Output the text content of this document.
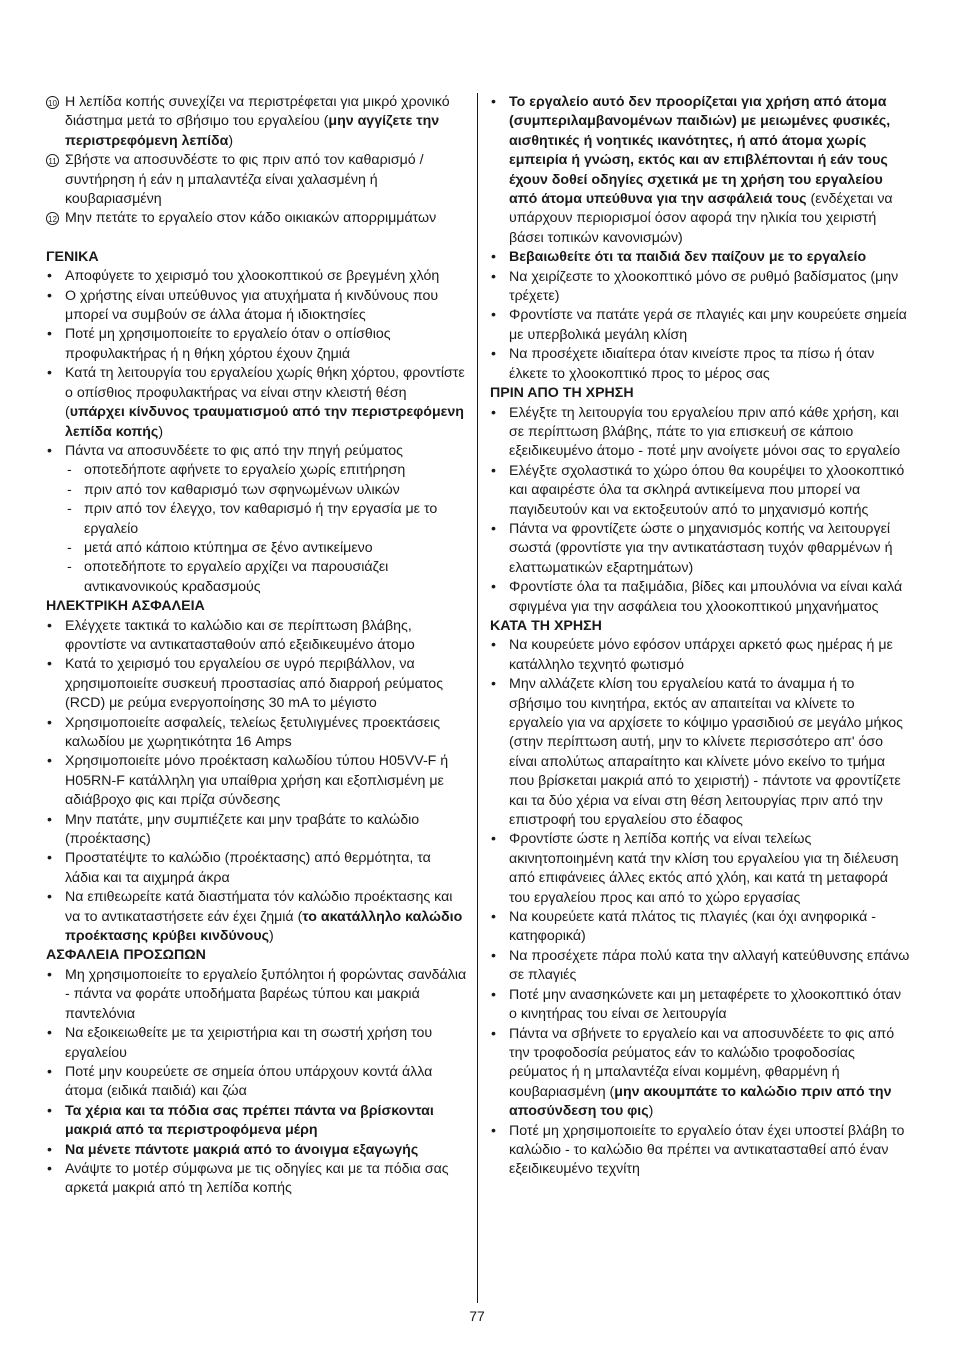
10 Η λεπίδα κοπής συνεχίζει να περιστρέφεται για μικρό χρονικό διάστημα μετά το σβήσιμο του εργαλείου (μην αγγίζετε την περιστρεφόμενη λεπίδα)
11 Σβήστε να αποσυνδέστε το φις πριν από τον καθαρισμό / συντήρηση ή εάν η μπαλαντέζα είναι χαλασμένη ή κουβαριασμένη
12 Μην πετάτε το εργαλείο στον κάδο οικιακών απορριμμάτων
ΓΕΝΙΚΑ
• Αποφύγετε το χειρισμό του χλοοκοπτικού σε βρεγμένη χλόη
• Ο χρήστης είναι υπεύθυνος για ατυχήματα ή κινδύνους που μπορεί να συμβούν σε άλλα άτομα ή ιδιοκτησίες
• Ποτέ μη χρησιμοποιείτε το εργαλείο όταν ο οπίσθιος προφυλακτήρας ή η θήκη χόρτου έχουν ζημιά
• Κατά τη λειτουργία του εργαλείου χωρίς θήκη χόρτου, φροντίστε ο οπίσθιος προφυλακτήρας να είναι στην κλειστή θέση (υπάρχει κίνδυνος τραυματισμού από την περιστρεφόμενη λεπίδα κοπής)
• Πάντα να αποσυνδέετε το φις από την πηγή ρεύματος
- οποτεδήποτε αφήνετε το εργαλείο χωρίς επιτήρηση
- πριν από τον καθαρισμό των σφηνωμένων υλικών
- πριν από τον έλεγχο, τον καθαρισμό ή την εργασία με το εργαλείο
- μετά από κάποιο κτύπημα σε ξένο αντικείμενο
- οποτεδήποτε το εργαλείο αρχίζει να παρουσιάζει αντικανονικούς κραδασμούς
ΗΛΕΚΤΡΙΚΗ ΑΣΦΑΛΕΙΑ
• Ελέγχετε τακτικά το καλώδιο και σε περίπτωση βλάβης, φροντίστε να αντικατασταθούν από εξειδικευμένο άτομο
• Κατά το χειρισμό του εργαλείου σε υγρό περιβάλλον, να χρησιμοποιείτε συσκευή προστασίας από διαρροή ρεύματος (RCD) με ρεύμα ενεργοποίησης 30 mA το μέγιστο
• Χρησιμοποιείτε ασφαλείς, τελείως ξετυλιγμένες προεκτάσεις καλωδίου με χωρητικότητα 16 Amps
• Χρησιμοποιείτε μόνο προέκταση καλωδίου τύπου H05VV-F ή H05RN-F κατάλληλη για υπαίθρια χρήση και εξοπλισμένη με αδιάβροχο φις και πρίζα σύνδεσης
• Μην πατάτε, μην συμπιέζετε και μην τραβάτε το καλώδιο (προέκτασης)
• Προστατέψτε το καλώδιο (προέκτασης) από θερμότητα, τα λάδια και τα αιχμηρά άκρα
• Να επιθεωρείτε κατά διαστήματα τόν καλώδιο προέκτασης και να το αντικαταστήσετε εάν έχει ζημιά (το ακατάλληλο καλώδιο προέκτασης κρύβει κινδύνους)
ΑΣΦΑΛΕΙΑ ΠΡΟΣΩΠΩΝ
• Μη χρησιμοποιείτε το εργαλείο ξυπόλητοι ή φορώντας σανδάλια - πάντα να φοράτε υποδήματα βαρέως τύπου και μακριά παντελόνια
• Να εξοικειωθείτε με τα χειριστήρια και τη σωστή χρήση του εργαλείου
• Ποτέ μην κουρεύετε σε σημεία όπου υπάρχουν κοντά άλλα άτομα (ειδικά παιδιά) και ζώα
• Τα χέρια και τα πόδια σας πρέπει πάντα να βρίσκονται μακριά από τα περιστροφόμενα μέρη
• Να μένετε πάντοτε μακριά από το άνοιγμα εξαγωγής
• Ανάψτε το μοτέρ σύμφωνα με τις οδηγίες και με τα πόδια σας αρκετά μακριά από τη λεπίδα κοπής
• Το εργαλείο αυτό δεν προορίζεται για χρήση από άτομα (συμπεριλαμβανομένων παιδιών) με μειωμένες φυσικές, αισθητικές ή νοητικές ικανότητες, ή από άτομα χωρίς εμπειρία ή γνώση, εκτός και αν επιβλέπονται ή εάν τους έχουν δοθεί οδηγίες σχετικά με τη χρήση του εργαλείου από άτομα υπεύθυνα για την ασφάλειά τους (ενδέχεται να υπάρχουν περιορισμοί όσον αφορά την ηλικία του χειριστή βάσει τοπικών κανονισμών)
• Βεβαιωθείτε ότι τα παιδιά δεν παίζουν με το εργαλείο
• Να χειρίζεστε το χλοοκοπτικό μόνο σε ρυθμό βαδίσματος (μην τρέχετε)
• Φροντίστε να πατάτε γερά σε πλαγιές και μην κουρεύετε σημεία με υπερβολικά μεγάλη κλίση
• Να προσέχετε ιδιαίτερα όταν κινείστε προς τα πίσω ή όταν έλκετε το χλοοκοπτικό προς το μέρος σας
ΠΡΙΝ ΑΠΟ ΤΗ ΧΡΗΣΗ
• Ελέγξτε τη λειτουργία του εργαλείου πριν από κάθε χρήση, και σε περίπτωση βλάβης, πάτε το για επισκευή σε κάποιο εξειδικευμένο άτομο - ποτέ μην ανοίγετε μόνοι σας το εργαλείο
• Ελέγξτε σχολαστικά το χώρο όπου θα κουρέψει το χλοοκοπτικό και αφαιρέστε όλα τα σκληρά αντικείμενα που μπορεί να παγιδευτούν και να εκτοξευτούν από το μηχανισμό κοπής
• Πάντα να φροντίζετε ώστε ο μηχανισμός κοπής να λειτουργεί σωστά (φροντίστε για την αντικατάσταση τυχόν φθαρμένων ή ελαττωματικών εξαρτημάτων)
• Φροντίστε όλα τα παξιμάδια, βίδες και μπουλόνια να είναι καλά σφιγμένα για την ασφάλεια του χλοοκοπτικού μηχανήματος
ΚΑΤΑ ΤΗ ΧΡΗΣΗ
• Να κουρεύετε μόνο εφόσον υπάρχει αρκετό φως ημέρας ή με κατάλληλο τεχνητό φωτισμό
• Μην αλλάζετε κλίση του εργαλείου κατά το άναμμα ή το σβήσιμο του κινητήρα, εκτός αν απαιτείται να κλίνετε το εργαλείο για να αρχίσετε το κόψιμο γρασιδιού σε μεγάλο μήκος (στην περίπτωση αυτή, μην το κλίνετε περισσότερο απ' όσο είναι απολύτως απαραίτητο και κλίνετε μόνο εκείνο το τμήμα που βρίσκεται μακριά από το χειριστή) - πάντοτε να φροντίζετε και τα δύο χέρια να είναι στη θέση λειτουργίας πριν από την επιστροφή του εργαλείου στο έδαφος
• Φροντίστε ώστε η λεπίδα κοπής να είναι τελείως ακινητοποιημένη κατά την κλίση του εργαλείου για τη διέλευση από επιφάνειες άλλες εκτός από χλόη, και κατά τη μεταφορά του εργαλείου προς και από το χώρο εργασίας
• Να κουρεύετε κατά πλάτος τις πλαγιές (και όχι ανηφορικά - κατηφορικά)
• Να προσέχετε πάρα πολύ κατα την αλλαγή κατεύθυνσης επάνω σε πλαγιές
• Ποτέ μην ανασηκώνετε και μη μεταφέρετε το χλοοκοπτικό όταν ο κινητήρας του είναι σε λειτουργία
• Πάντα να σβήνετε το εργαλείο και να αποσυνδέετε το φις από την τροφοδοσία ρεύματος εάν το καλώδιο τροφοδοσίας ρεύματος ή η μπαλαντέζα είναι κομμένη, φθαρμένη ή κουβαριασμένη (μην ακουμπάτε το καλώδιο πριν από την αποσύνδεση του φις)
• Ποτέ μη χρησιμοποιείτε το εργαλείο όταν έχει υποστεί βλάβη το καλώδιο - το καλώδιο θα πρέπει να αντικατασταθεί από έναν εξειδικευμένο τεχνίτη
77
